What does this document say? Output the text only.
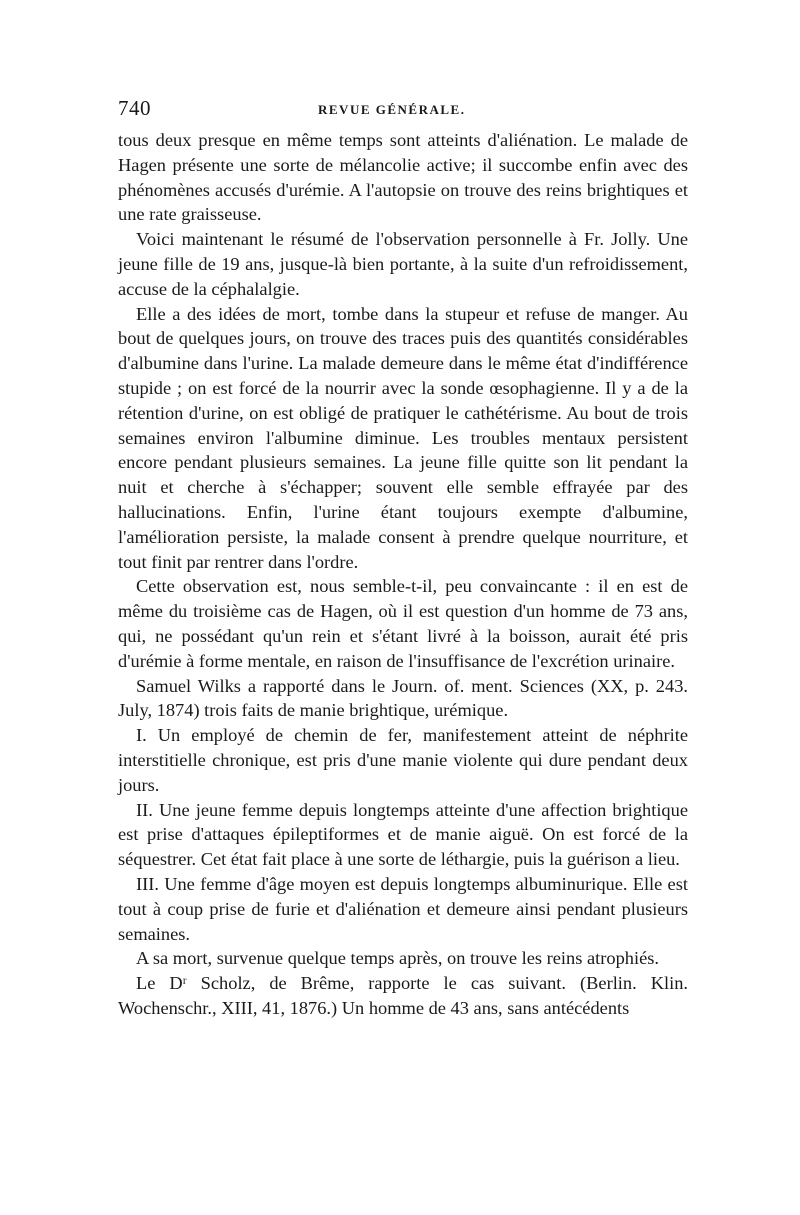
740	REVUE GÉNÉRALE.

tous deux presque en même temps sont atteints d'aliénation. Le malade de Hagen présente une sorte de mélancolie active; il succombe enfin avec des phénomènes accusés d'urémie. A l'autopsie on trouve des reins brightiques et une rate graisseuse.

Voici maintenant le résumé de l'observation personnelle à Fr. Jolly. Une jeune fille de 19 ans, jusque-là bien portante, à la suite d'un refroidissement, accuse de la céphalalgie.

Elle a des idées de mort, tombe dans la stupeur et refuse de manger. Au bout de quelques jours, on trouve des traces puis des quantités considérables d'albumine dans l'urine. La malade demeure dans le même état d'indifférence stupide ; on est forcé de la nourrir avec la sonde œsophagienne. Il y a de la rétention d'urine, on est obligé de pratiquer le cathétérisme. Au bout de trois semaines environ l'albumine diminue. Les troubles mentaux persistent encore pendant plusieurs semaines. La jeune fille quitte son lit pendant la nuit et cherche à s'échapper; souvent elle semble effrayée par des hallucinations. Enfin, l'urine étant toujours exempte d'albumine, l'amélioration persiste, la malade consent à prendre quelque nourriture, et tout finit par rentrer dans l'ordre.

Cette observation est, nous semble-t-il, peu convaincante : il en est de même du troisième cas de Hagen, où il est question d'un homme de 73 ans, qui, ne possédant qu'un rein et s'étant livré à la boisson, aurait été pris d'urémie à forme mentale, en raison de l'insuffisance de l'excrétion urinaire.

Samuel Wilks a rapporté dans le Journ. of. ment. Sciences (XX, p. 243. July, 1874) trois faits de manie brightique, urémique.

I. Un employé de chemin de fer, manifestement atteint de néphrite interstitielle chronique, est pris d'une manie violente qui dure pendant deux jours.

II. Une jeune femme depuis longtemps atteinte d'une affection brightique est prise d'attaques épileptiformes et de manie aiguë. On est forcé de la séquestrer. Cet état fait place à une sorte de léthargie, puis la guérison a lieu.

III. Une femme d'âge moyen est depuis longtemps albuminurique. Elle est tout à coup prise de furie et d'aliénation et demeure ainsi pendant plusieurs semaines.

A sa mort, survenue quelque temps après, on trouve les reins atrophiés.

Le Dʳ Scholz, de Brême, rapporte le cas suivant. (Berlin. Klin. Wochenschr., XIII, 41, 1876.) Un homme de 43 ans, sans antécédents
